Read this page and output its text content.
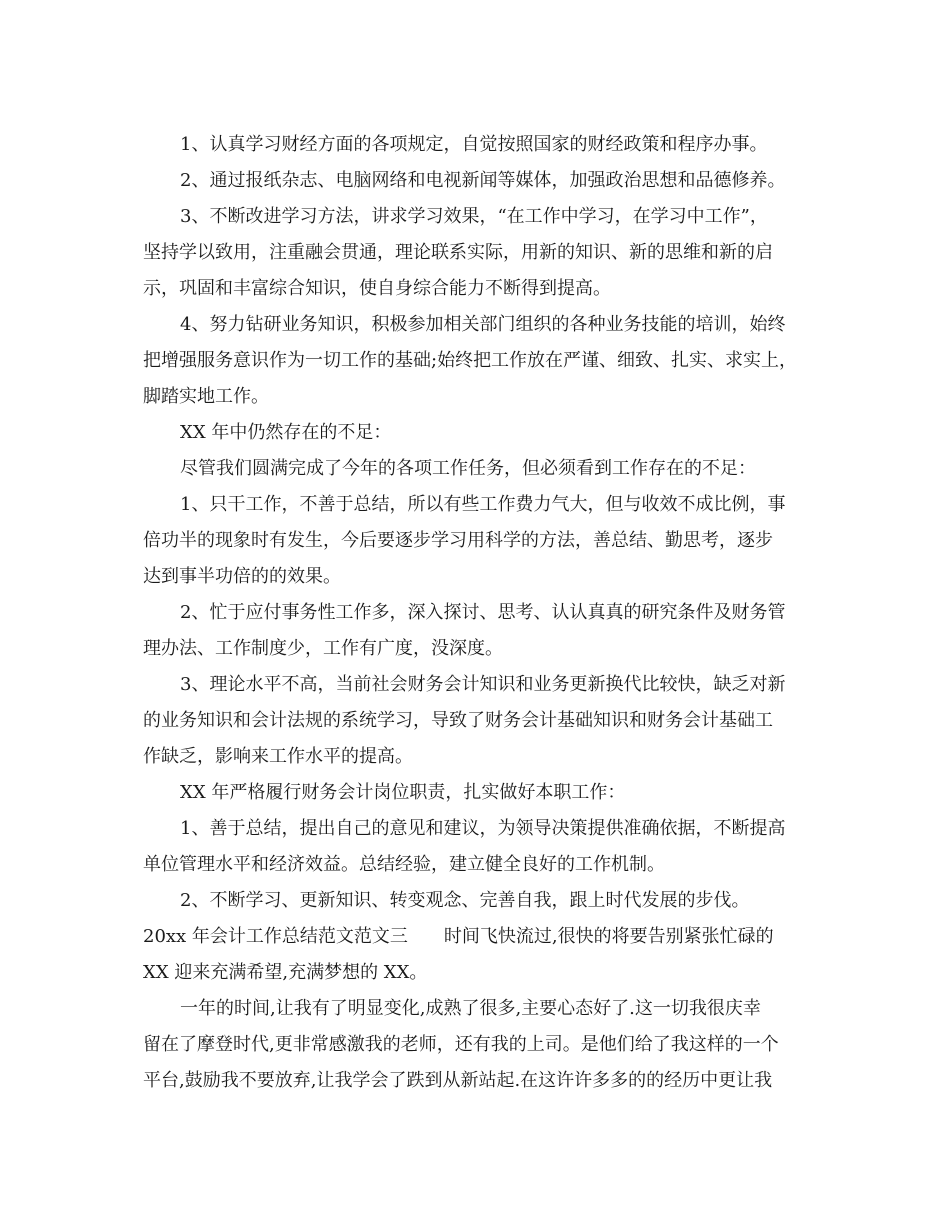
1、认真学习财经方面的各项规定，自觉按照国家的财经政策和程序办事。
2、通过报纸杂志、电脑网络和电视新闻等媒体，加强政治思想和品德修养。
3、不断改进学习方法，讲求学习效果，“在工作中学习，在学习中工作”，
坚持学以致用，注重融会贯通，理论联系实际，用新的知识、新的思维和新的启
示，巩固和丰富综合知识，使自身综合能力不断得到提高。
4、努力钻研业务知识，积极参加相关部门组织的各种业务技能的培训，始终
把增强服务意识作为一切工作的基础;始终把工作放在严谨、细致、扎实、求实上，
脚踏实地工作。
XX 年中仍然存在的不足：
尽管我们圆满完成了今年的各项工作任务，但必须看到工作存在的不足：
1、只干工作，不善于总结，所以有些工作费力气大，但与收效不成比例，事
倍功半的现象时有发生，今后要逐步学习用科学的方法，善总结、勤思考，逐步
达到事半功倍的的效果。
2、忙于应付事务性工作多，深入探讨、思考、认认真真的研究条件及财务管
理办法、工作制度少，工作有广度，没深度。
3、理论水平不高，当前社会财务会计知识和业务更新换代比较快，缺乏对新
的业务知识和会计法规的系统学习，导致了财务会计基础知识和财务会计基础工
作缺乏，影响来工作水平的提高。
XX 年严格履行财务会计岗位职责，扎实做好本职工作：
1、善于总结，提出自己的意见和建议，为领导决策提供准确依据，不断提高
单位管理水平和经济效益。总结经验，建立健全良好的工作机制。
2、不断学习、更新知识、转变观念、完善自我，跟上时代发展的步伐。
20xx 年会计工作总结范文范文三　　时间飞快流过,很快的将要告别紧张忙碌的
XX 迎来充满希望,充满梦想的 XX。
一年的时间,让我有了明显变化,成熟了很多,主要心态好了.这一切我很庆幸
留在了摩登时代,更非常感激我的老师，还有我的上司。是他们给了我这样的一个
平台,鼓励我不要放弃,让我学会了跌到从新站起.在这许许多多的的经历中更让我
